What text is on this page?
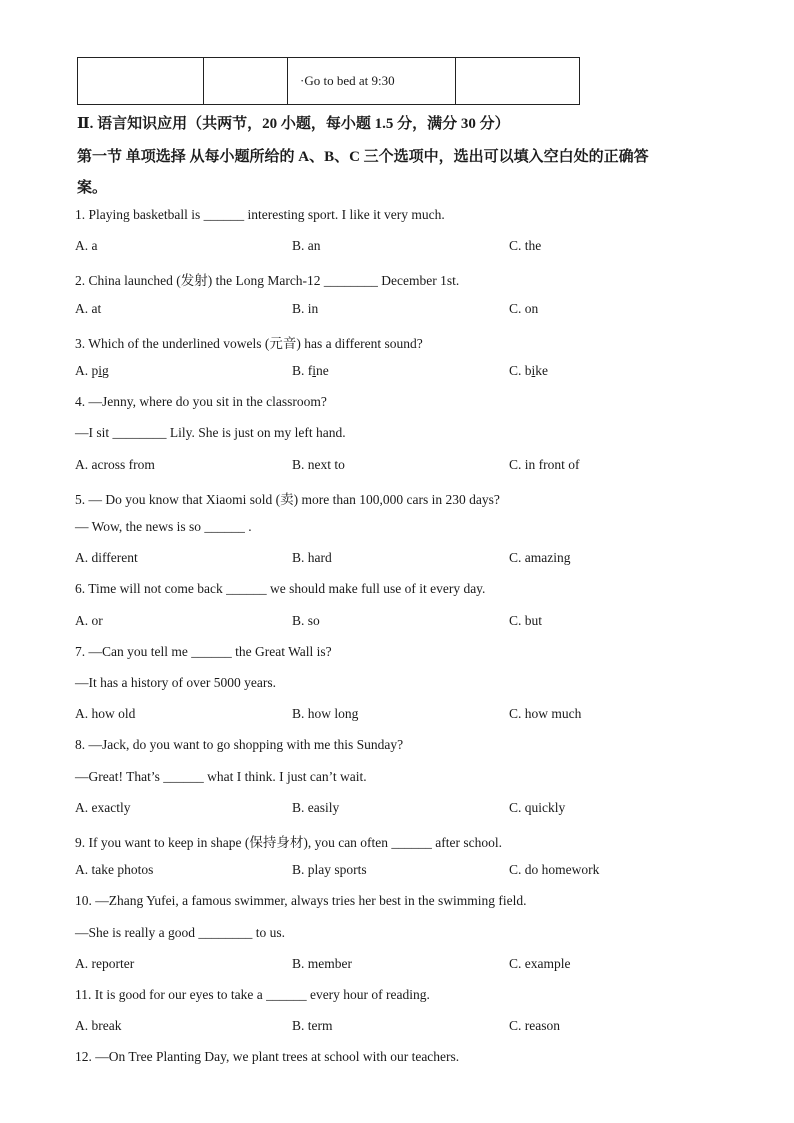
		·Go to bed at 9:30	
Ⅱ. 语言知识应用（共两节，20 小题，每小题 1.5 分，满分 30 分）
第一节 单项选择 从每小题所给的 A、B、C 三个选项中，选出可以填入空白处的正确答
案。
1. Playing basketball is ______ interesting sport. I like it very much.
A. a	B. an	C. the
2. China launched (发射) the Long March-12 ________ December 1st.
A. at	B. in	C. on
3. Which of the underlined vowels (元音) has a different sound?
A. pig	B. fine	C. bike
4. —Jenny, where do you sit in the classroom?
—I sit ________ Lily. She is just on my left hand.
A. across from	B. next to	C. in front of
5. — Do you know that Xiaomi sold (卖) more than 100,000 cars in 230 days?
— Wow, the news is so ______ .
A. different	B. hard	C. amazing
6. Time will not come back ______ we should make full use of it every day.
A. or	B. so	C. but
7. —Can you tell me ______ the Great Wall is?
—It has a history of over 5000 years.
A. how old	B. how long	C. how much
8. —Jack, do you want to go shopping with me this Sunday?
—Great! That’s ______ what I think. I just can’t wait.
A. exactly	B. easily	C. quickly
9. If you want to keep in shape (保持身材), you can often ______ after school.
A. take photos	B. play sports	C. do homework
10. —Zhang Yufei, a famous swimmer, always tries her best in the swimming field.
—She is really a good ________ to us.
A. reporter	B. member	C. example
11. It is good for our eyes to take a ______ every hour of reading.
A. break	B. term	C. reason
12. —On Tree Planting Day, we plant trees at school with our teachers.
